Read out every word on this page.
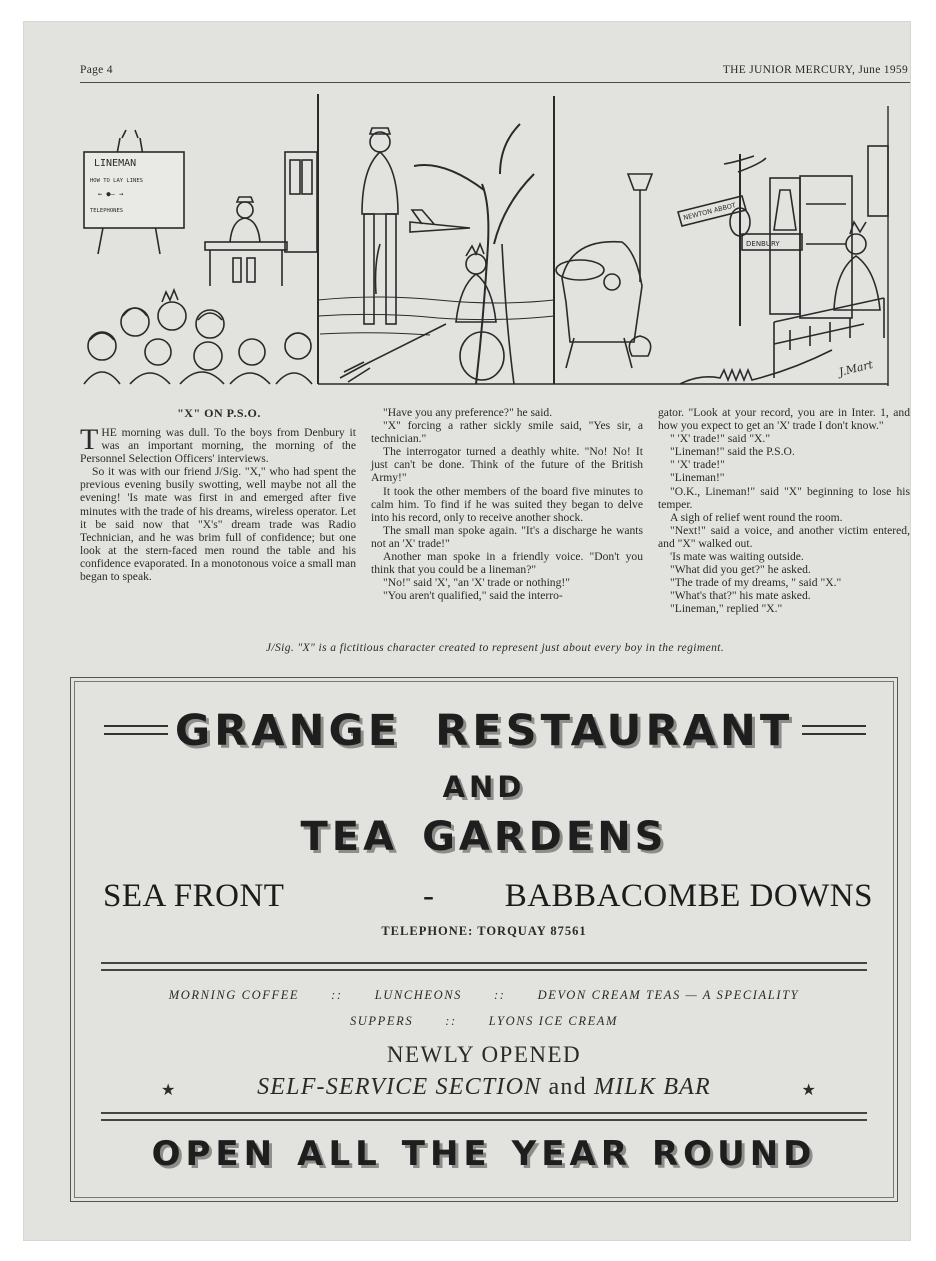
Page 4	THE JUNIOR MERCURY, June 1959
LINEMAN
HOW TO LAY LINES
← ●– →
TELEPHONES	NEWTON ABBOT
DENBURY
J.Mart
"X" ON P.S.O.

THE morning was dull. To the boys from Denbury it was an important morning, the morning of the Personnel Selection Officers' interviews.

So it was with our friend J/Sig. "X," who had spent the previous evening busily swotting, well maybe not all the evening! 'Is mate was first in and emerged after five minutes with the trade of his dreams, wireless operator. Let it be said now that "X's" dream trade was Radio Technician, and he was brim full of confidence; but one look at the stern-faced men round the table and his confidence evaporated. In a monotonous voice a small man began to speak.

"Have you any preference?" he said.

"X" forcing a rather sickly smile said, "Yes sir, a technician."

The interrogator turned a deathly white. "No! No! It just can't be done. Think of the future of the British Army!"

It took the other members of the board five minutes to calm him. To find if he was suited they began to delve into his record, only to receive another shock.

The small man spoke again. "It's a discharge he wants not an 'X' trade!"

Another man spoke in a friendly voice. "Don't you think that you could be a lineman?"

"No!" said 'X', "an 'X' trade or nothing!"

"You aren't qualified," said the interro-

gator. "Look at your record, you are in Inter. 1, and how you expect to get an 'X' trade I don't know."

" 'X' trade!" said "X."

"Lineman!" said the P.S.O.

" 'X' trade!"

"Lineman!"

"O.K., Lineman!" said "X" beginning to lose his temper.

A sigh of relief went round the room.

"Next!" said a voice, and another victim entered, and "X" walked out.

'Is mate was waiting outside.

"What did you get?" he asked.

"The trade of my dreams, " said "X."

"What's that?" his mate asked.

"Lineman," replied "X."

J/Sig. "X" is a fictitious character created to represent just about every boy in the regiment.
GRANGE RESTAURANT
AND
TEA GARDENS
SEA FRONT	- BABBACOMBE DOWNS
TELEPHONE: TORQUAY 87561
MORNING COFFEE	::	LUNCHEONS	::	DEVON CREAM TEAS — A SPECIALITY
SUPPERS	::	LYONS ICE CREAM
NEWLY OPENED
★	SELF-SERVICE SECTION and MILK BAR	★
OPEN ALL THE YEAR ROUND
